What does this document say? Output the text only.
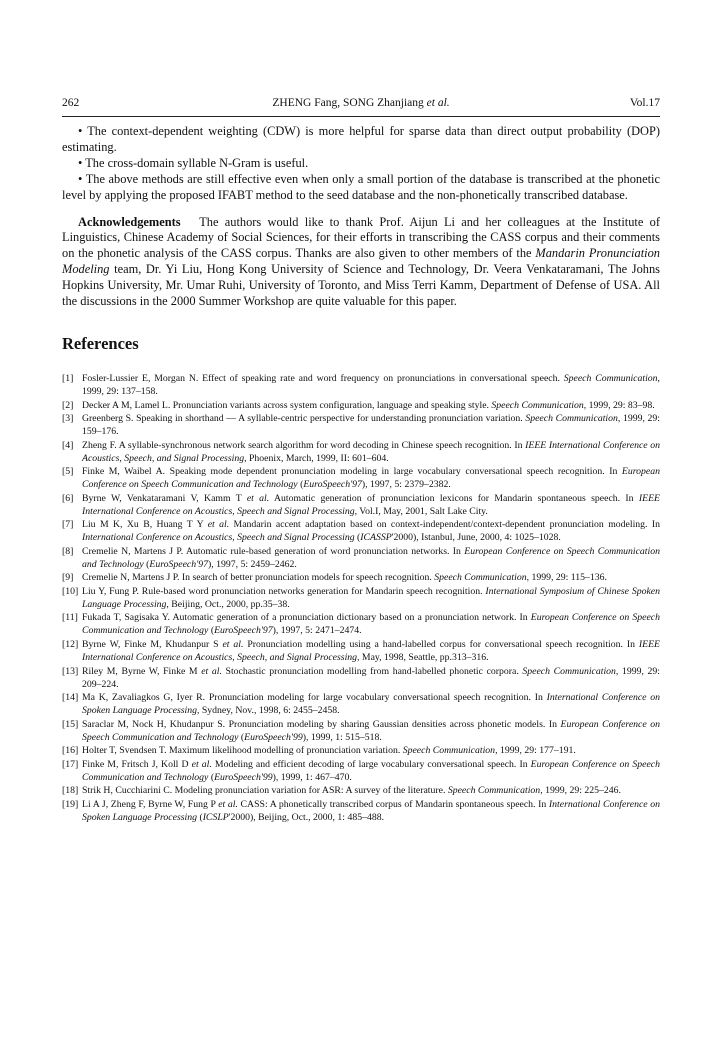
262	ZHENG Fang, SONG Zhanjiang et al.	Vol.17

• The context-dependent weighting (CDW) is more helpful for sparse data than direct output probability (DOP) estimating.

• The cross-domain syllable N-Gram is useful.

• The above methods are still effective even when only a small portion of the database is transcribed at the phonetic level by applying the proposed IFABT method to the seed database and the non-phonetically transcribed database.

Acknowledgements The authors would like to thank Prof. Aijun Li and her colleagues at the Institute of Linguistics, Chinese Academy of Social Sciences, for their efforts in transcribing the CASS corpus and their comments on the phonetic analysis of the CASS corpus. Thanks are also given to other members of the Mandarin Pronunciation Modeling team, Dr. Yi Liu, Hong Kong University of Science and Technology, Dr. Veera Venkataramani, The Johns Hopkins University, Mr. Umar Ruhi, University of Toronto, and Miss Terri Kamm, Department of Defense of USA. All the discussions in the 2000 Summer Workshop are quite valuable for this paper.

References
[1] Fosler-Lussier E, Morgan N. Effect of speaking rate and word frequency on pronunciations in conversational speech. Speech Communication, 1999, 29: 137–158.
[2] Decker A M, Lamel L. Pronunciation variants across system configuration, language and speaking style. Speech Communication, 1999, 29: 83–98.
[3] Greenberg S. Speaking in shorthand — A syllable-centric perspective for understanding pronunciation variation. Speech Communication, 1999, 29: 159–176.
[4] Zheng F. A syllable-synchronous network search algorithm for word decoding in Chinese speech recognition. In IEEE International Conference on Acoustics, Speech, and Signal Processing, Phoenix, March, 1999, II: 601–604.
[5] Finke M, Waibel A. Speaking mode dependent pronunciation modeling in large vocabulary conversational speech recognition. In European Conference on Speech Communication and Technology (EuroSpeech'97), 1997, 5: 2379–2382.
[6] Byrne W, Venkataramani V, Kamm T et al. Automatic generation of pronunciation lexicons for Mandarin spontaneous speech. In IEEE International Conference on Acoustics, Speech and Signal Processing, Vol.I, May, 2001, Salt Lake City.
[7] Liu M K, Xu B, Huang T Y et al. Mandarin accent adaptation based on context-independent/context-dependent pronunciation modeling. In International Conference on Acoustics, Speech and Signal Processing (ICASSP'2000), Istanbul, June, 2000, 4: 1025–1028.
[8] Cremelie N, Martens J P. Automatic rule-based generation of word pronunciation networks. In European Conference on Speech Communication and Technology (EuroSpeech'97), 1997, 5: 2459–2462.
[9] Cremelie N, Martens J P. In search of better pronunciation models for speech recognition. Speech Communication, 1999, 29: 115–136.
[10] Liu Y, Fung P. Rule-based word pronunciation networks generation for Mandarin speech recognition. International Symposium of Chinese Spoken Language Processing, Beijing, Oct., 2000, pp.35–38.
[11] Fukada T, Sagisaka Y. Automatic generation of a pronunciation dictionary based on a pronunciation network. In European Conference on Speech Communication and Technology (EuroSpeech'97), 1997, 5: 2471–2474.
[12] Byrne W, Finke M, Khudanpur S et al. Pronunciation modelling using a hand-labelled corpus for conversational speech recognition. In IEEE International Conference on Acoustics, Speech, and Signal Processing, May, 1998, Seattle, pp.313–316.
[13] Riley M, Byrne W, Finke M et al. Stochastic pronunciation modelling from hand-labelled phonetic corpora. Speech Communication, 1999, 29: 209–224.
[14] Ma K, Zavaliagkos G, Iyer R. Pronunciation modeling for large vocabulary conversational speech recognition. In International Conference on Spoken Language Processing, Sydney, Nov., 1998, 6: 2455–2458.
[15] Saraclar M, Nock H, Khudanpur S. Pronunciation modeling by sharing Gaussian densities across phonetic models. In European Conference on Speech Communication and Technology (EuroSpeech'99), 1999, 1: 515–518.
[16] Holter T, Svendsen T. Maximum likelihood modelling of pronunciation variation. Speech Communication, 1999, 29: 177–191.
[17] Finke M, Fritsch J, Koll D et al. Modeling and efficient decoding of large vocabulary conversational speech. In European Conference on Speech Communication and Technology (EuroSpeech'99), 1999, 1: 467–470.
[18] Strik H, Cucchiarini C. Modeling pronunciation variation for ASR: A survey of the literature. Speech Communication, 1999, 29: 225–246.
[19] Li A J, Zheng F, Byrne W, Fung P et al. CASS: A phonetically transcribed corpus of Mandarin spontaneous speech. In International Conference on Spoken Language Processing (ICSLP'2000), Beijing, Oct., 2000, 1: 485–488.
